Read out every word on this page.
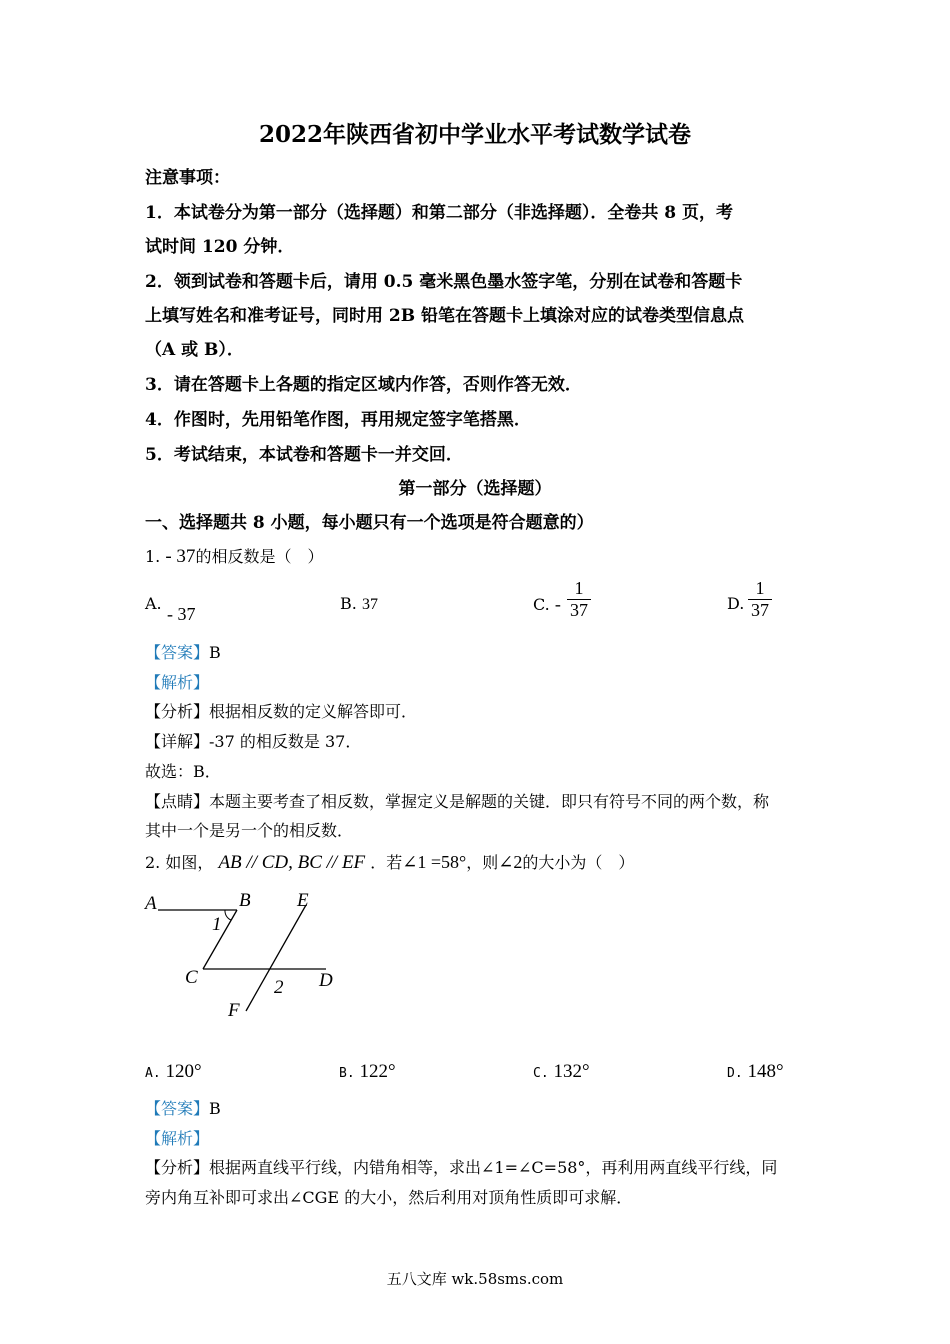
2022年陕西省初中学业水平考试数学试卷
注意事项：
1．本试卷分为第一部分（选择题）和第二部分（非选择题）．全卷共 8 页，考
试时间 120 分钟．
2．领到试卷和答题卡后，请用 0.5 毫米黑色墨水签字笔，分别在试卷和答题卡
上填写姓名和准考证号，同时用 2B 铅笔在答题卡上填涂对应的试卷类型信息点
（A 或 B）．
3．请在答题卡上各题的指定区域内作答，否则作答无效．
4．作图时，先用铅笔作图，再用规定签字笔搭黑．
5．考试结束，本试卷和答题卡一并交回．
第一部分（选择题）
一、选择题共 8 小题，每小题只有一个选项是符合题意的）
1. - 37的相反数是（　）
A.
- 37
B. 37	C. - $\frac{1}{37}$	D. $\frac{1}{37}$
【答案】B
【解析】
【分析】根据相反数的定义解答即可．
【详解】-37 的相反数是 37．
故选：B．
【点睛】本题主要考查了相反数，掌握定义是解题的关键．即只有符号不同的两个数，称
其中一个是另一个的相反数．
2. 如图， AB // CD, BC // EF ．若∠1 =58°，则∠2的大小为（　）
A	B E
1
C	2 D
F
A. 120°	B. 122°	C. 132°	D. 148°
【答案】B
【解析】
【分析】根据两直线平行线，内错角相等，求出∠1=∠C=58°，再利用两直线平行线，同
旁内角互补即可求出∠CGE 的大小，然后利用对顶角性质即可求解．
五八文库 wk.58sms.com
